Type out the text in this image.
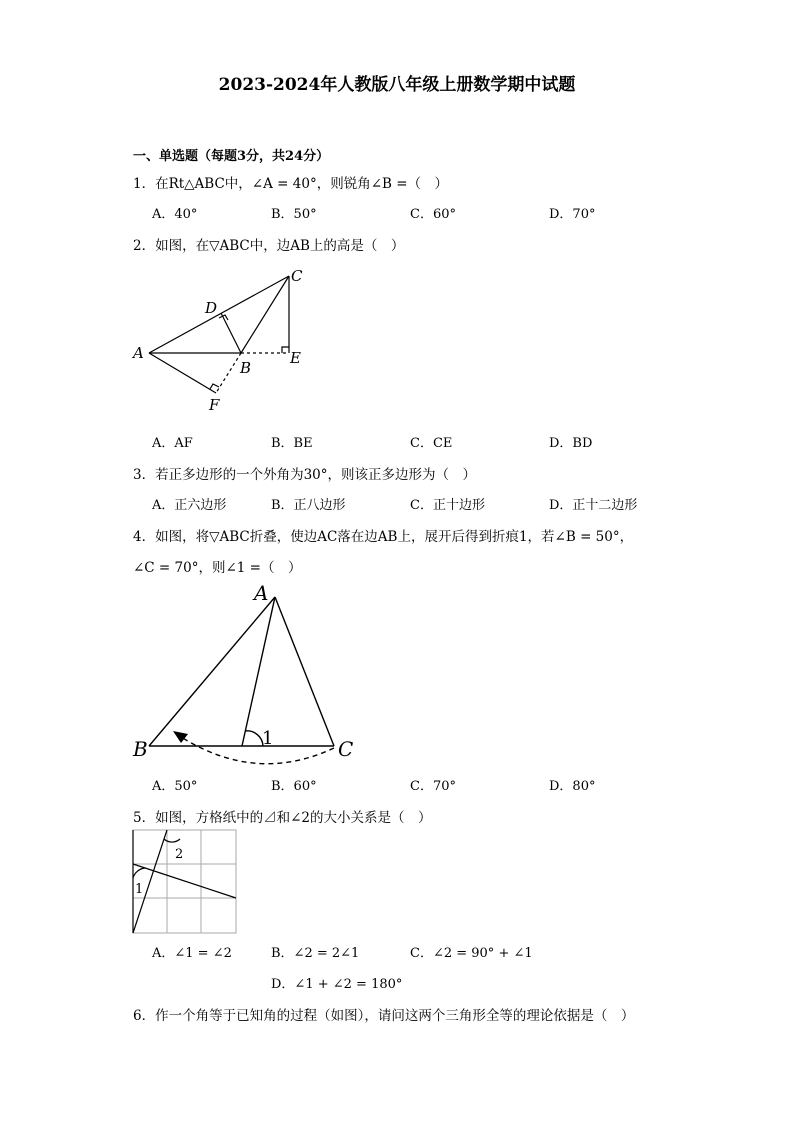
2023-2024年人教版八年级上册数学期中试题
一、单选题（每题3分，共24分）
1．在Rt△ABC中，∠A = 40°，则锐角∠B =（　）
A．40°	B．50°	C．60°	D．70°
2．如图，在▽ABC中，边AB上的高是（　）
A
B
C
D
E
F
A．AF	B．BE	C．CE	D．BD
3．若正多边形的一个外角为30°，则该正多边形为（　）
A．正六边形	B．正八边形	C．正十边形	D．正十二边形
4．如图，将▽ABC折叠，使边AC落在边AB上，展开后得到折痕1，若∠B = 50°，
∠C = 70°，则∠1 =（　）
A
B	C
1
A．50°	B．60°	C．70°	D．80°
5．如图，方格纸中的⊿和∠2的大小关系是（　）
1
2
A．∠1 = ∠2	B．∠2 = 2∠1	C．∠2 = 90° + ∠1
D．∠1 + ∠2 = 180°
6．作一个角等于已知角的过程（如图），请问这两个三角形全等的理论依据是（　）
